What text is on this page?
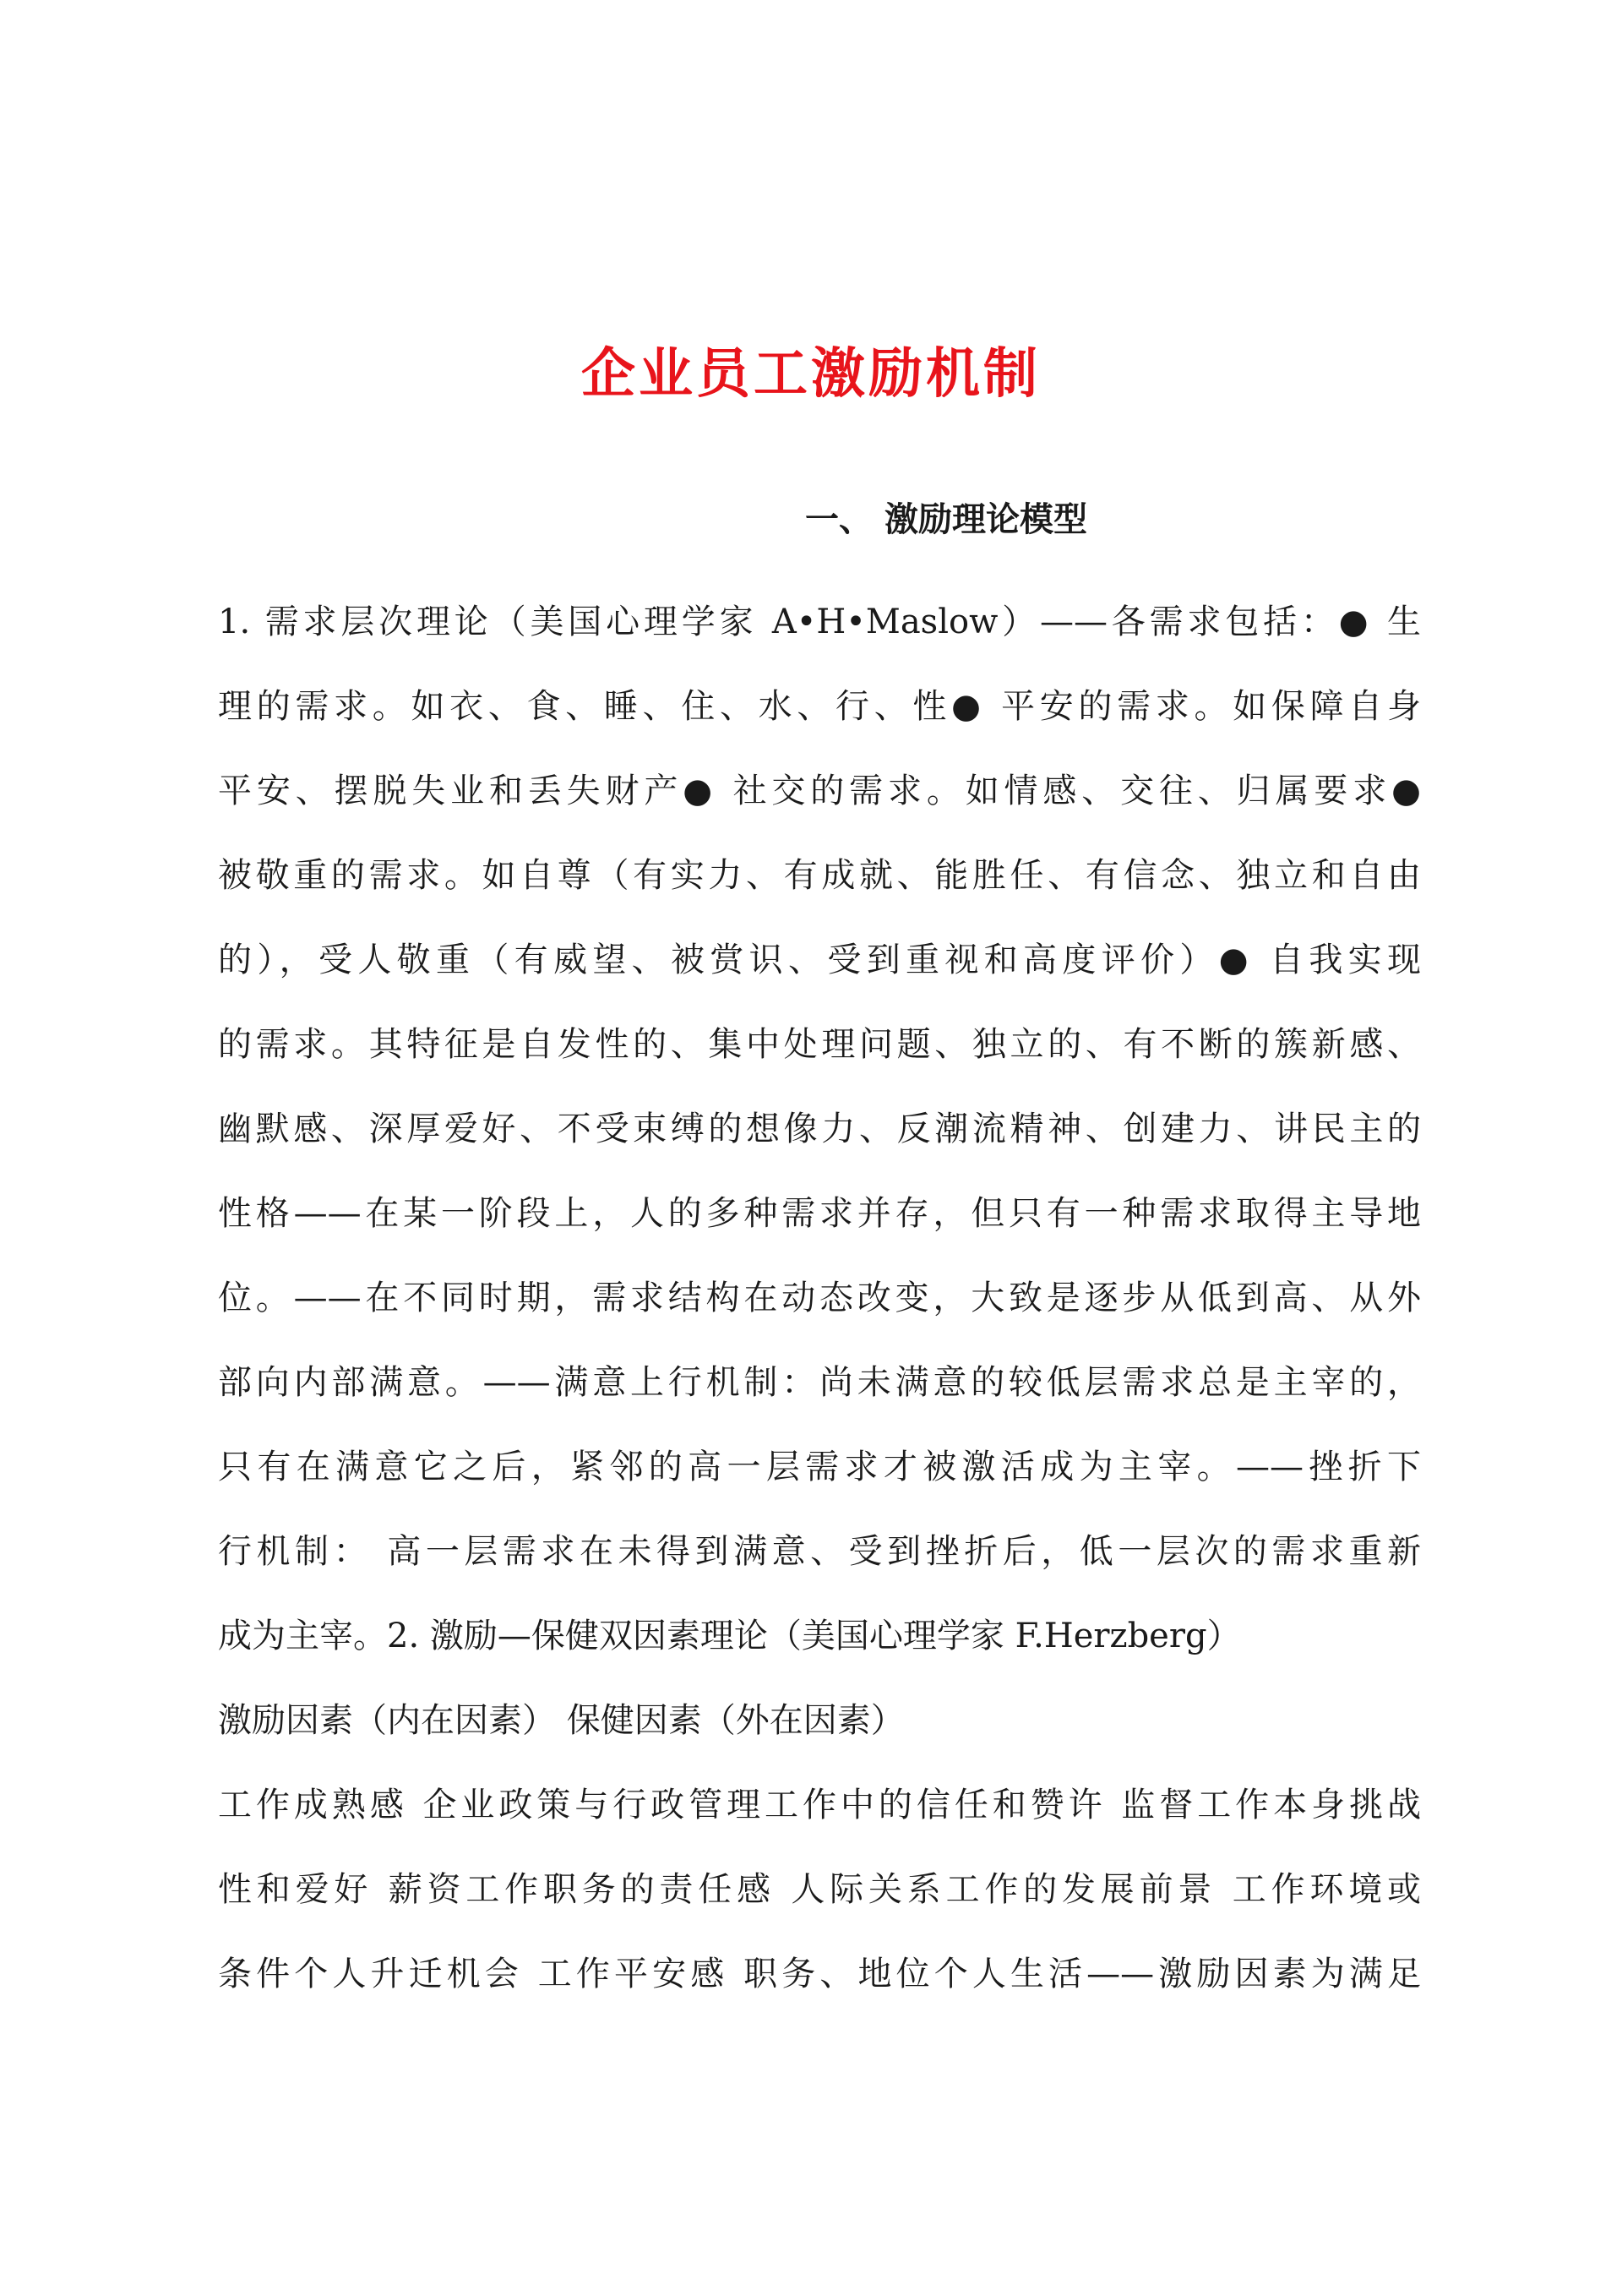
企业员工激励机制
一、 激励理论模型
1. 需求层次理论（美国心理学家 A•H•Maslow）——各需求包括：● 生
理的需求。如衣、食、睡、住、水、行、性● 平安的需求。如保障自身
平安、摆脱失业和丢失财产● 社交的需求。如情感、交往、归属要求●
被敬重的需求。如自尊（有实力、有成就、能胜任、有信念、独立和自由
的），受人敬重（有威望、被赏识、受到重视和高度评价）● 自我实现
的需求。其特征是自发性的、集中处理问题、独立的、有不断的簇新感、
幽默感、深厚爱好、不受束缚的想像力、反潮流精神、创建力、讲民主的
性格——在某一阶段上，人的多种需求并存，但只有一种需求取得主导地
位。——在不同时期，需求结构在动态改变，大致是逐步从低到高、从外
部向内部满意。——满意上行机制：尚未满意的较低层需求总是主宰的，
只有在满意它之后，紧邻的高一层需求才被激活成为主宰。——挫折下
行机制： 高一层需求在未得到满意、受到挫折后，低一层次的需求重新
成为主宰。2. 激励—保健双因素理论（美国心理学家 F.Herzberg）
激励因素（内在因素） 保健因素（外在因素）
工作成熟感 企业政策与行政管理工作中的信任和赞许 监督工作本身挑战
性和爱好 薪资工作职务的责任感 人际关系工作的发展前景 工作环境或
条件个人升迁机会 工作平安感 职务、地位个人生活——激励因素为满足
